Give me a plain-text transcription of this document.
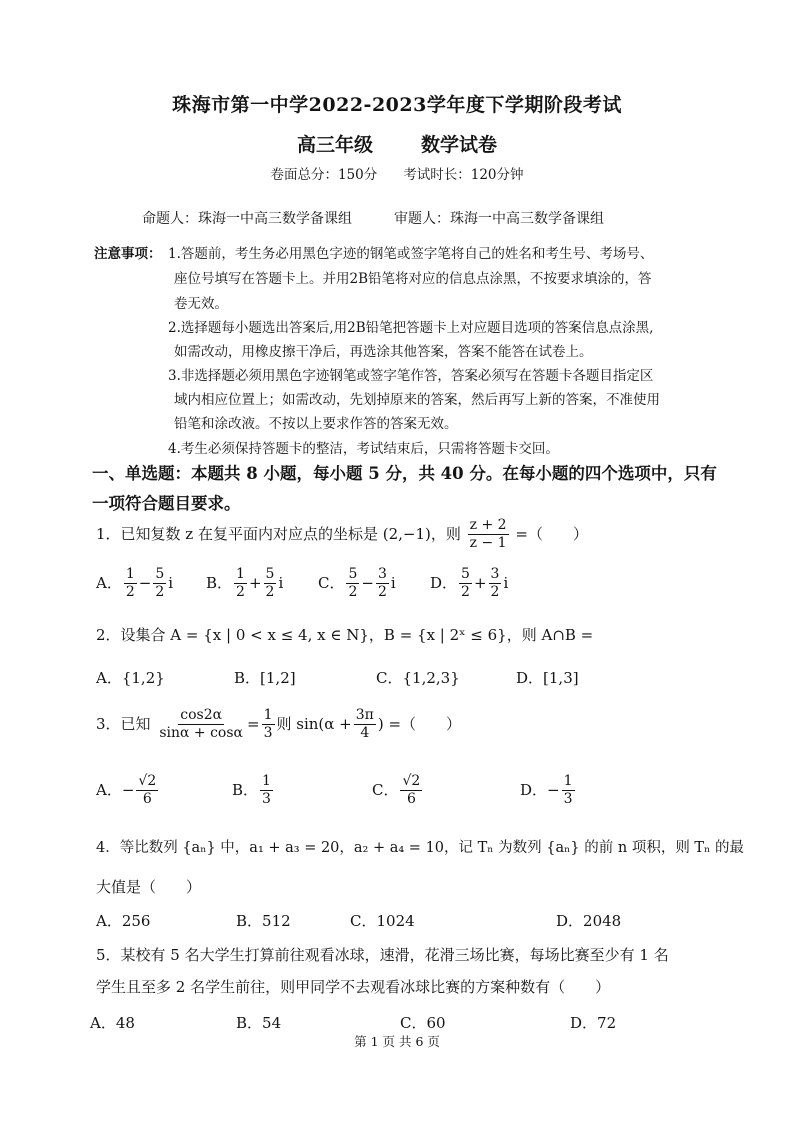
珠海市第一中学2022-2023学年度下学期阶段考试
高三年级	数学试卷
卷面总分：150分 考试时长：120分钟
命题人：珠海一中高三数学备课组	审题人：珠海一中高三数学备课组
注意事项： 1.答题前，考生务必用黑色字迹的钢笔或签字笔将自己的姓名和考生号、考场号、
座位号填写在答题卡上。并用2B铅笔将对应的信息点涂黑，不按要求填涂的，答
卷无效。
2.选择题每小题选出答案后,用2B铅笔把答题卡上对应题目选项的答案信息点涂黑,
如需改动，用橡皮擦干净后，再选涂其他答案，答案不能答在试卷上。
3.非选择题必须用黑色字迹钢笔或签字笔作答，答案必须写在答题卡各题目指定区
域内相应位置上；如需改动，先划掉原来的答案，然后再写上新的答案，不准使用
铅笔和涂改液。不按以上要求作答的答案无效。
4.考生必须保持答题卡的整洁，考试结束后，只需将答题卡交回。
一、单选题：本题共 8 小题，每小题 5 分，共 40 分。在每小题的四个选项中，只有
一项符合题目要求。
1．已知复数 z 在复平面内对应点的坐标是 (2,−1)，则 $\frac{z + 2}{z - 1}$ =（　　）
A． $\frac{1}{2} - \frac{5}{2}$ i B． $\frac{1}{2} + \frac{5}{2}$ i C． $\frac{5}{2} - \frac{3}{2}$ i D． $\frac{5}{2} + \frac{3}{2}$ i
2．设集合 A = {x | 0 < x ≤ 4, x ∈ N}，B = {x | 2ˣ ≤ 6}，则 A∩B =
A．{1,2}	B．[1,2]	C．{1,2,3}	D．[1,3]
3．已知 $\frac{\cos 2\alpha}{\sin\alpha + \cos\alpha} = \frac{1}{3}$ 则 $\sin(\alpha + \frac{3\pi}{4}$ ) =（　　）
A．− $\frac{√2}{6}$	B． $\frac{1}{3}$	C． $\frac{√2}{6}$	D．− $\frac{1}{3}$
4．等比数列 {aₙ} 中，a₁ + a₃ = 20，a₂ + a₄ = 10，记 Tₙ 为数列 {aₙ} 的前 n 项积，则 Tₙ 的最
大值是（　　）
A．256	B．512	C．1024	D．2048
5．某校有 5 名大学生打算前往观看冰球，速滑，花滑三场比赛，每场比赛至少有 1 名
学生且至多 2 名学生前往，则甲同学不去观看冰球比赛的方案种数有（　　）
A．48	B．54	C．60	D．72
第 1 页 共 6 页
